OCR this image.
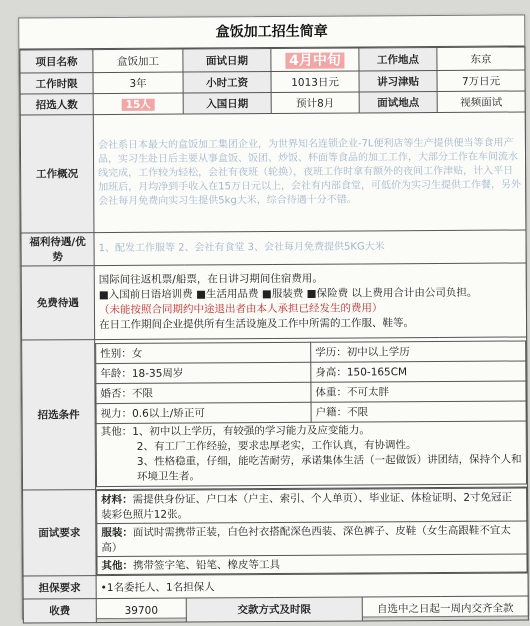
盒饭加工招生简章
项目名称	盒饭加工	面试日期	4月中旬	工作地点	东京
工作时限	3年	小时工资	1013日元	讲习津贴	7万日元
招选人数	15人	入国日期	预计8月	面试地点	视频面试
工作概况	会社系日本最大的盒饭加工集团企业，为世界知名连锁企业-7L便利店等生产提供便当等食用产品，实习生赴日后主要从事盒饭、饭团、炒饭、杯面等食品的加工工作，大部分工作在车间流水线完成，工作较为轻松，会社有夜班（轮换），夜班工作时拿有额外的夜间工作津贴，计入平日加班后，月均净到手收入在15万日元以上，会社有内部食堂，可低价为实习生提供工作餐，另外会社每月免费向实习生提供5kg大米，综合待遇十分不错。
福利待遇/优势	1、配发工作服等 2、会社有食堂 3、会社每月免费提供5KG大米
免费待遇	
国际间往返机票/船票，在日讲习期间住宿费用。
■入国前日语培训费 ■生活用品费 ■服装费 ■保险费 以上费用合计由公司负担。
（未能按照合同期约中途退出者由本人承担已经发生的费用）
在日工作期间企业提供所有生活设施及工作中所需的工作服、鞋等。

招选条件	
性别：女	学历：初中以上学历
年龄：18-35周岁	身高：150-165CM
婚否：不限	体重：不可太胖
视力：0.6以上/矫正可	户籍：不限

其他：1、初中以上学历，有较强的学习能力及应变能力。
2、有工厂工作经验，要求忠厚老实，工作认真，有协调性。
3、性格稳重，仔细，能吃苦耐劳，承诺集体生活（一起做饭）讲团结，保持个人和环境卫生者。

面试要求	
材料：需提供身份证、户口本（户主、索引、个人单页）、毕业证、体检证明、2寸免冠正装彩色照片12张。
服装：面试时需携带正装，白色衬衣搭配深色西装、深色裤子、皮鞋（女生高跟鞋不宜太高）
其他：携带签字笔、铅笔、橡皮等工具

担保要求	•1名委托人、1名担保人
收费	39700	交款方式及时限	自选中之日起一周内交齐全款
